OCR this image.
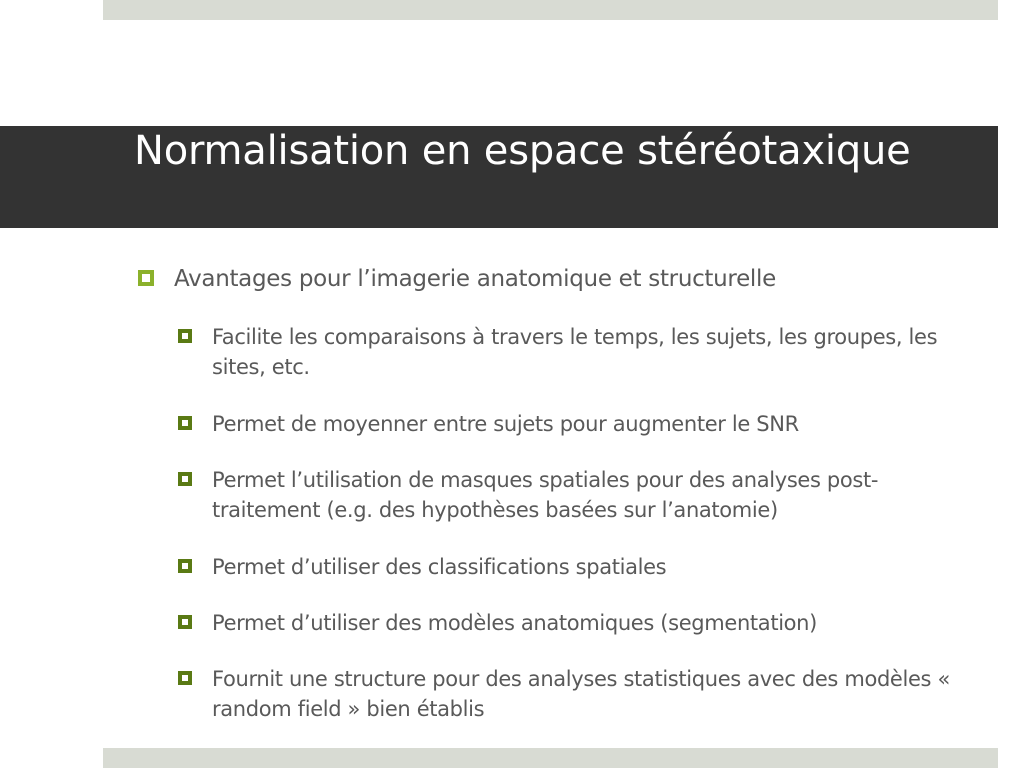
Normalisation en espace stéréotaxique
Avantages pour l’imagerie anatomique et structurelle
Facilite les comparaisons à travers le temps, les sujets, les groupes, les sites, etc.
Permet de moyenner entre sujets pour augmenter le SNR
Permet l’utilisation de masques spatiales pour des analyses post-traitement (e.g. des hypothèses basées sur l’anatomie)
Permet d’utiliser des classifications spatiales
Permet d’utiliser des modèles anatomiques (segmentation)
Fournit une structure pour des analyses statistiques avec des modèles « random field » bien établis
